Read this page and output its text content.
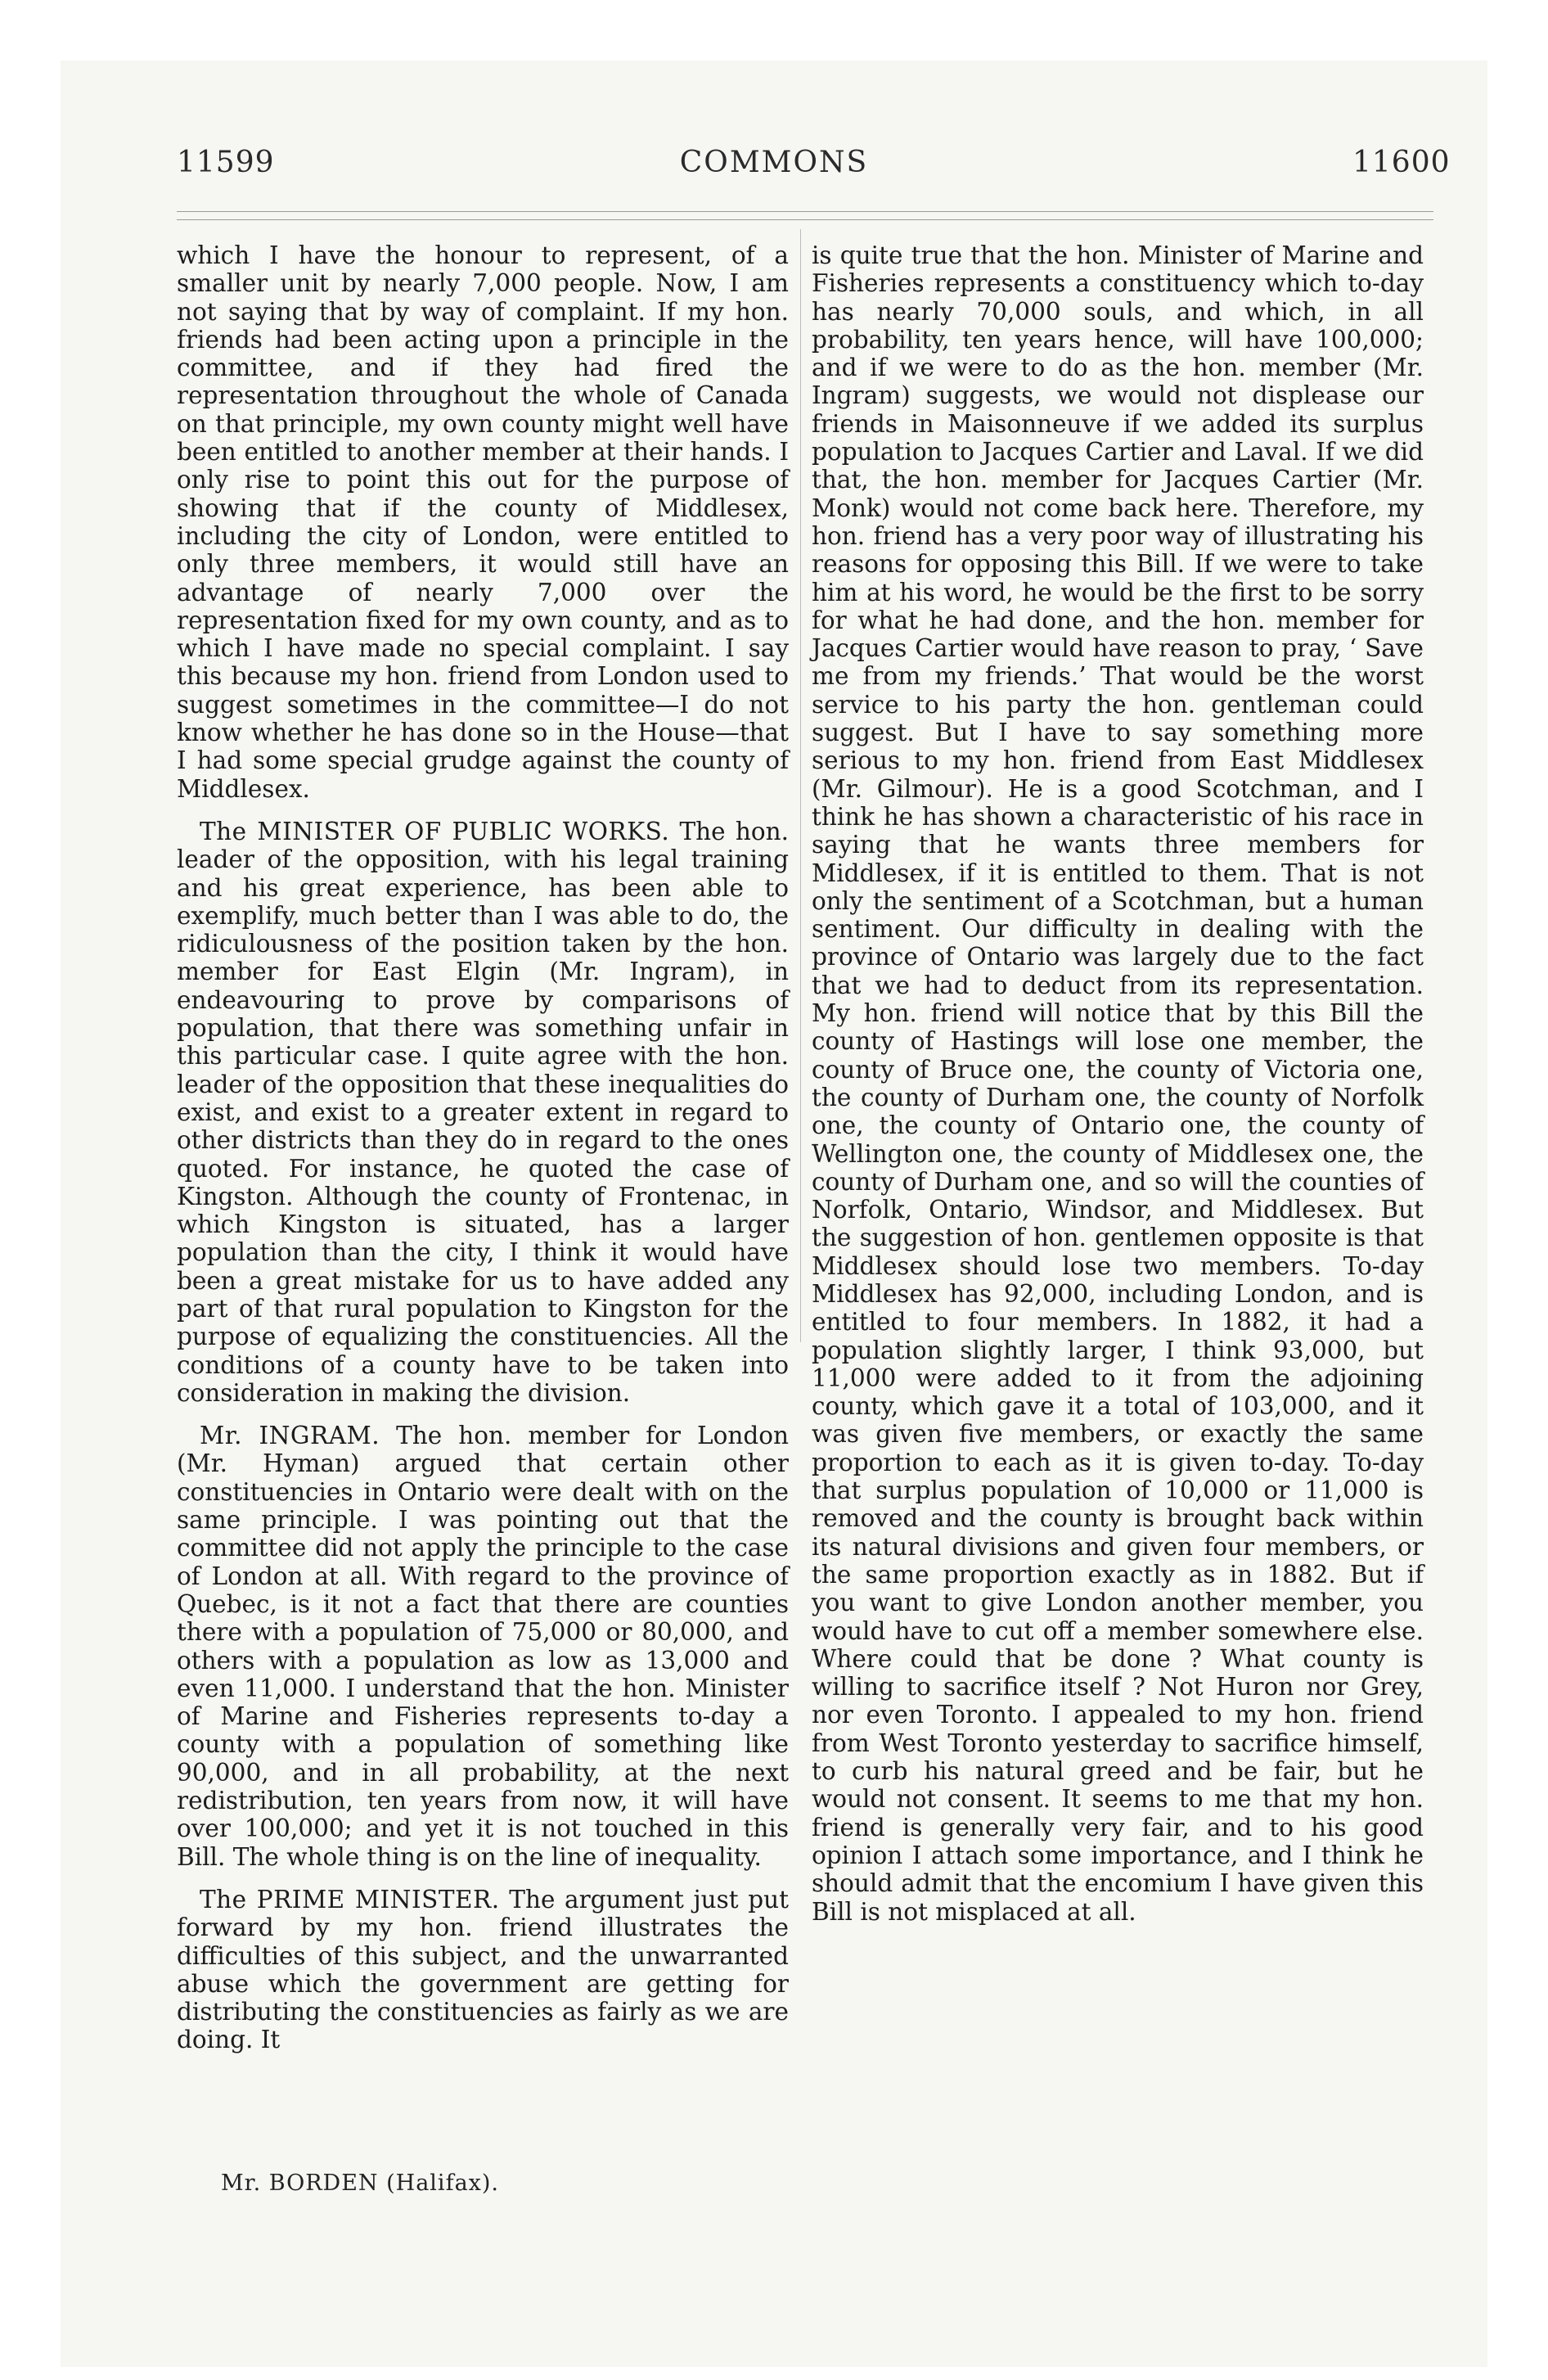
11599	COMMONS	11600

which I have the honour to represent, of a smaller unit by nearly 7,000 people. Now, I am not saying that by way of complaint. If my hon. friends had been acting upon a principle in the committee, and if they had fired the representation throughout the whole of Canada on that principle, my own county might well have been entitled to another member at their hands. I only rise to point this out for the purpose of showing that if the county of Middlesex, including the city of London, were entitled to only three members, it would still have an advantage of nearly 7,000 over the representation fixed for my own county, and as to which I have made no special complaint. I say this because my hon. friend from London used to suggest sometimes in the committee—I do not know whether he has done so in the House—that I had some special grudge against the county of Middlesex.

The MINISTER OF PUBLIC WORKS. The hon. leader of the opposition, with his legal training and his great experience, has been able to exemplify, much better than I was able to do, the ridiculousness of the position taken by the hon. member for East Elgin (Mr. Ingram), in endeavouring to prove by comparisons of population, that there was something unfair in this particular case. I quite agree with the hon. leader of the opposition that these inequalities do exist, and exist to a greater extent in regard to other districts than they do in regard to the ones quoted. For instance, he quoted the case of Kingston. Although the county of Frontenac, in which Kingston is situated, has a larger population than the city, I think it would have been a great mistake for us to have added any part of that rural population to Kingston for the purpose of equalizing the constituencies. All the conditions of a county have to be taken into consideration in making the division.

Mr. INGRAM. The hon. member for London (Mr. Hyman) argued that certain other constituencies in Ontario were dealt with on the same principle. I was pointing out that the committee did not apply the principle to the case of London at all. With regard to the province of Quebec, is it not a fact that there are counties there with a population of 75,000 or 80,000, and others with a population as low as 13,000 and even 11,000. I understand that the hon. Minister of Marine and Fisheries represents to-day a county with a population of something like 90,000, and in all probability, at the next redistribution, ten years from now, it will have over 100,000; and yet it is not touched in this Bill. The whole thing is on the line of inequality.

The PRIME MINISTER. The argument just put forward by my hon. friend illustrates the difficulties of this subject, and the unwarranted abuse which the government are getting for distributing the constituencies as fairly as we are doing. It

Mr. BORDEN (Halifax).

is quite true that the hon. Minister of Marine and Fisheries represents a constituency which to-day has nearly 70,000 souls, and which, in all probability, ten years hence, will have 100,000; and if we were to do as the hon. member (Mr. Ingram) suggests, we would not displease our friends in Maisonneuve if we added its surplus population to Jacques Cartier and Laval. If we did that, the hon. member for Jacques Cartier (Mr. Monk) would not come back here. Therefore, my hon. friend has a very poor way of illustrating his reasons for opposing this Bill. If we were to take him at his word, he would be the first to be sorry for what he had done, and the hon. member for Jacques Cartier would have reason to pray, ‘ Save me from my friends.’ That would be the worst service to his party the hon. gentleman could suggest. But I have to say something more serious to my hon. friend from East Middlesex (Mr. Gilmour). He is a good Scotchman, and I think he has shown a characteristic of his race in saying that he wants three members for Middlesex, if it is entitled to them. That is not only the sentiment of a Scotchman, but a human sentiment. Our difficulty in dealing with the province of Ontario was largely due to the fact that we had to deduct from its representation. My hon. friend will notice that by this Bill the county of Hastings will lose one member, the county of Bruce one, the county of Victoria one, the county of Durham one, the county of Norfolk one, the county of Ontario one, the county of Wellington one, the county of Middlesex one, the county of Durham one, and so will the counties of Norfolk, Ontario, Windsor, and Middlesex. But the suggestion of hon. gentlemen opposite is that Middlesex should lose two members. To-day Middlesex has 92,000, including London, and is entitled to four members. In 1882, it had a population slightly larger, I think 93,000, but 11,000 were added to it from the adjoining county, which gave it a total of 103,000, and it was given five members, or exactly the same proportion to each as it is given to-day. To-day that surplus population of 10,000 or 11,000 is removed and the county is brought back within its natural divisions and given four members, or the same proportion exactly as in 1882. But if you want to give London another member, you would have to cut off a member somewhere else. Where could that be done ? What county is willing to sacrifice itself ? Not Huron nor Grey, nor even Toronto. I appealed to my hon. friend from West Toronto yesterday to sacrifice himself, to curb his natural greed and be fair, but he would not consent. It seems to me that my hon. friend is generally very fair, and to his good opinion I attach some importance, and I think he should admit that the encomium I have given this Bill is not misplaced at all.
